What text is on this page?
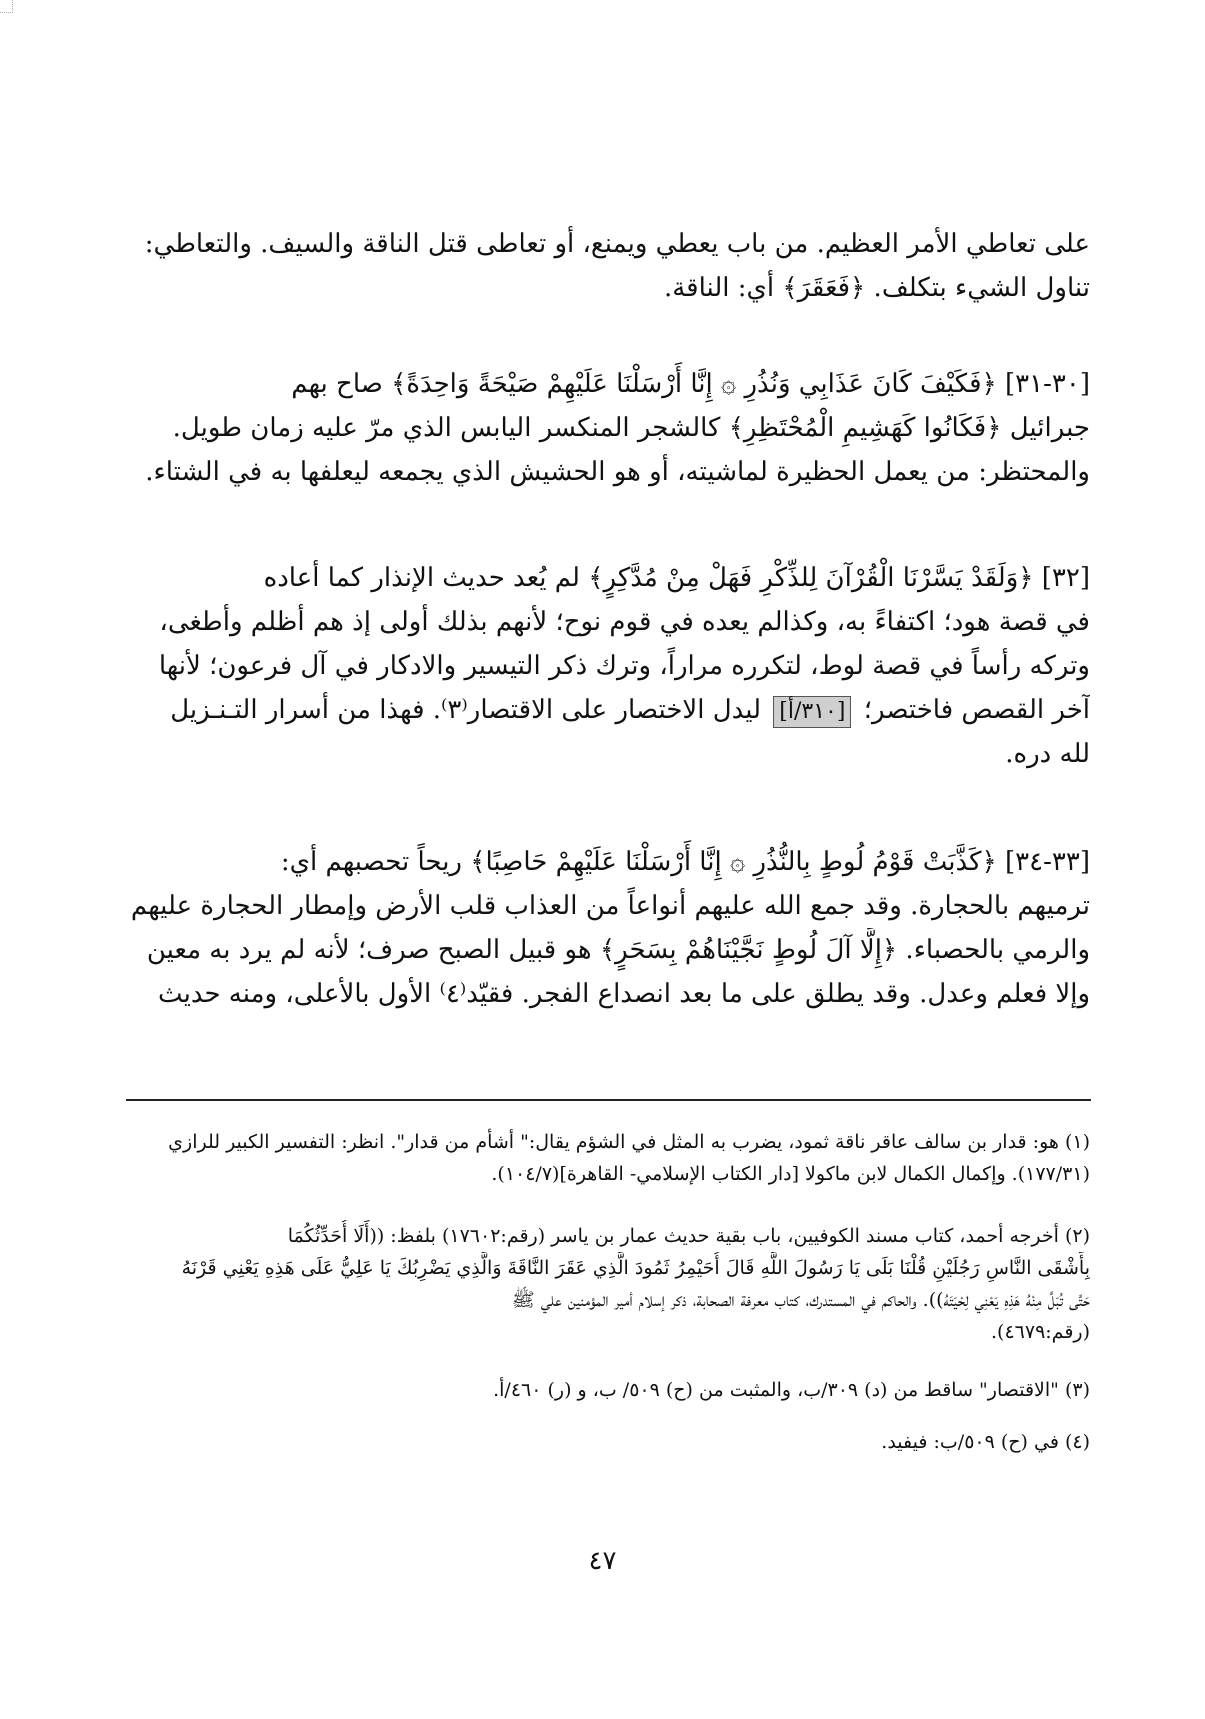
على تعاطي الأمر العظيم. من باب يعطي ويمنع، أو تعاطى قتل الناقة والسيف. والتعاطي:
تناول الشيء بتكلف. ﴿فَعَقَرَ﴾ أي: الناقة.
[٣٠-٣١] ﴿فَكَيْفَ كَانَ عَذَابِي وَنُذُرِ ۞ إِنَّا أَرْسَلْنَا عَلَيْهِمْ صَيْحَةً وَاحِدَةً﴾ صاح بهم
جبرائيل ﴿فَكَانُوا كَهَشِيمِ الْمُحْتَظِرِ﴾ كالشجر المنكسر اليابس الذي مرّ عليه زمان طويل.
والمحتظر: من يعمل الحظيرة لماشيته، أو هو الحشيش الذي يجمعه ليعلفها به في الشتاء.
[٣٢] ﴿وَلَقَدْ يَسَّرْنَا الْقُرْآنَ لِلذِّكْرِ فَهَلْ مِنْ مُدَّكِرٍ﴾ لم يُعد حديث الإنذار كما أعاده
في قصة هود؛ اكتفاءً به، وكذالم يعده في قوم نوح؛ لأنهم بذلك أولى إذ هم أظلم وأطغى،
وتركه رأساً في قصة لوط، لتكرره مراراً، وترك ذكر التيسير والادكار في آل فرعون؛ لأنها
آخر القصص فاختصر؛ [٣١٠/أ] ليدل الاختصار على الاقتصار⁽٣⁾. فهذا من أسرار التـنـزيل
لله دره.
[٣٣-٣٤] ﴿كَذَّبَتْ قَوْمُ لُوطٍ بِالنُّذُرِ ۞ إِنَّا أَرْسَلْنَا عَلَيْهِمْ حَاصِبًا﴾ ريحاً تحصبهم أي:
ترميهم بالحجارة. وقد جمع الله عليهم أنواعاً من العذاب قلب الأرض وإمطار الحجارة عليهم
والرمي بالحصباء. ﴿إِلَّا آلَ لُوطٍ نَجَّيْنَاهُمْ بِسَحَرٍ﴾ هو قبيل الصبح صرف؛ لأنه لم يرد به معين
وإلا فعلم وعدل. وقد يطلق على ما بعد انصداع الفجر. فقيّد⁽٤⁾ الأول بالأعلى، ومنه حديث
(١) هو: قدار بن سالف عاقر ناقة ثمود، يضرب به المثل في الشؤم يقال:" أشأم من قدار". انظر: التفسير الكبير للرازي
(١٧٧/٣١). وإكمال الكمال لابن ماكولا [دار الكتاب الإسلامي- القاهرة](١٠٤/٧).
(٢) أخرجه أحمد، كتاب مسند الكوفيين، باب بقية حديث عمار بن ياسر (رقم:١٧٦٠٢) بلفظ: ((أَلَا أُحَدِّثُكُمَا
بِأَشْقَى النَّاسِ رَجُلَيْنِ قُلْنَا بَلَى يَا رَسُولَ اللَّهِ قَالَ أُحَيْمِرُ ثَمُودَ الَّذِي عَقَرَ النَّاقَةَ وَالَّذِي يَضْرِبُكَ يَا عَلِيُّ عَلَى هَذِهِ يَعْنِي قَرْنَهُ
حَتَّى تُبَلَّ مِنْهُ هَذِهِ يَعْنِي لِحْيَتَهُ)). والحاكم في المستدرك، كتاب معرفة الصحابة، ذكر إسلام أمير المؤمنين علي ﷺ
(رقم:٤٦٧٩).
(٣) "الاقتصار" ساقط من (د) ٣٠٩/ب، والمثبت من (ح) ٥٠٩/ ب، و (ر) ٤٦٠/أ.
(٤) في (ح) ٥٠٩/ب: فيفيد.
٤٧
